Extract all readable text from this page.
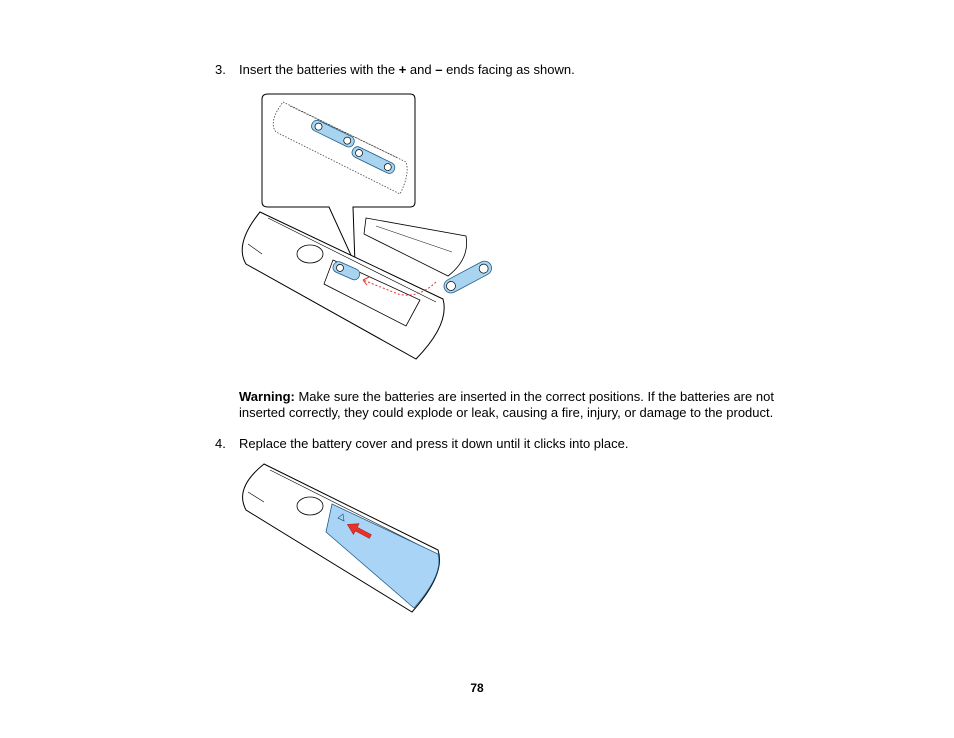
3. Insert the batteries with the + and – ends facing as shown.
Warning: Make sure the batteries are inserted in the correct positions. If the batteries are not inserted correctly, they could explode or leak, causing a fire, injury, or damage to the product.
4. Replace the battery cover and press it down until it clicks into place.
78
